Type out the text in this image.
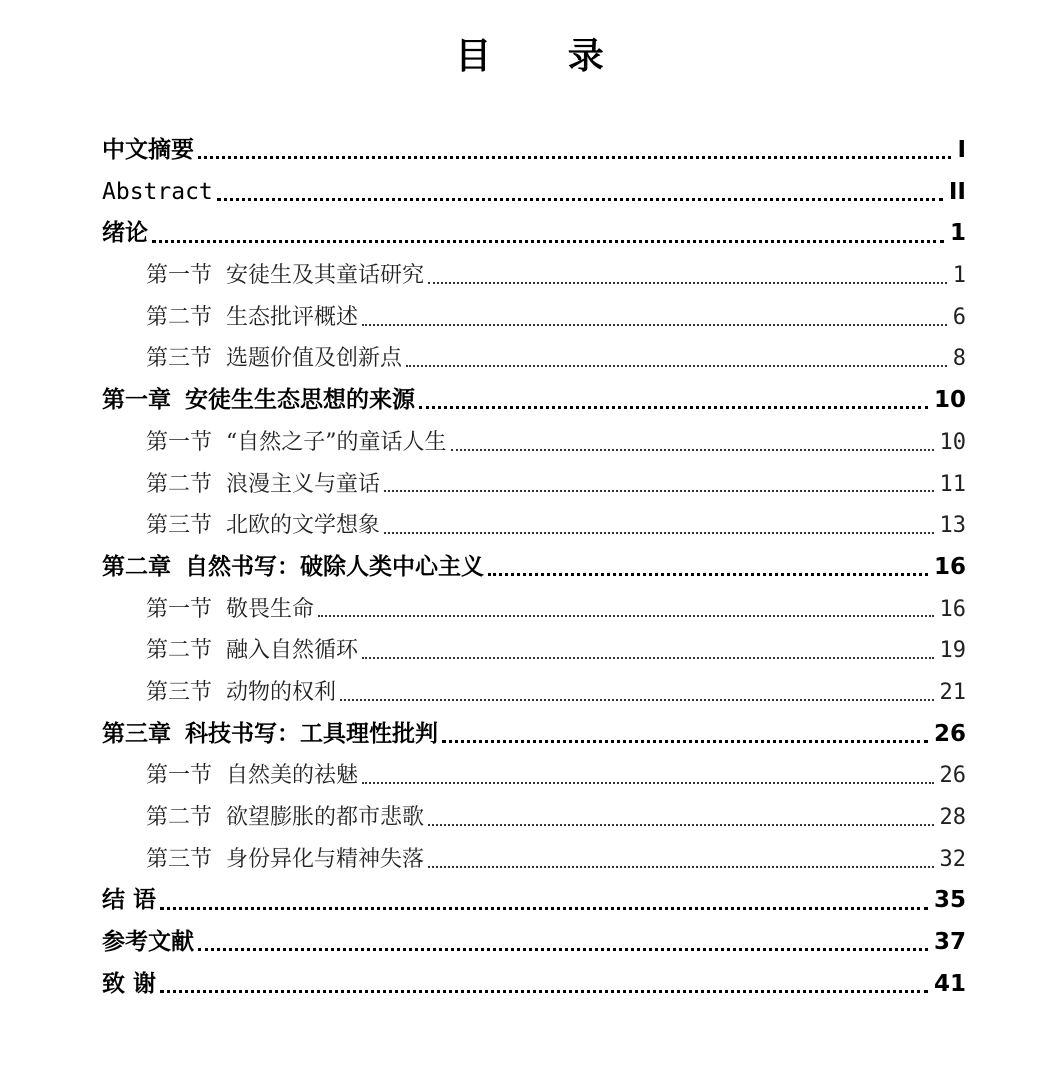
目 录
中文摘要	I
Abstract	II
绪论	1
第一节 安徒生及其童话研究	1
第二节 生态批评概述	6
第三节 选题价值及创新点	8
第一章 安徒生生态思想的来源	10
第一节 “自然之子”的童话人生	10
第二节 浪漫主义与童话	11
第三节 北欧的文学想象	13
第二章 自然书写：破除人类中心主义	16
第一节 敬畏生命	16
第二节 融入自然循环	19
第三节 动物的权利	21
第三章 科技书写：工具理性批判	26
第一节 自然美的祛魅	26
第二节 欲望膨胀的都市悲歌	28
第三节 身份异化与精神失落	32
结 语	35
参考文献	37
致 谢	41
